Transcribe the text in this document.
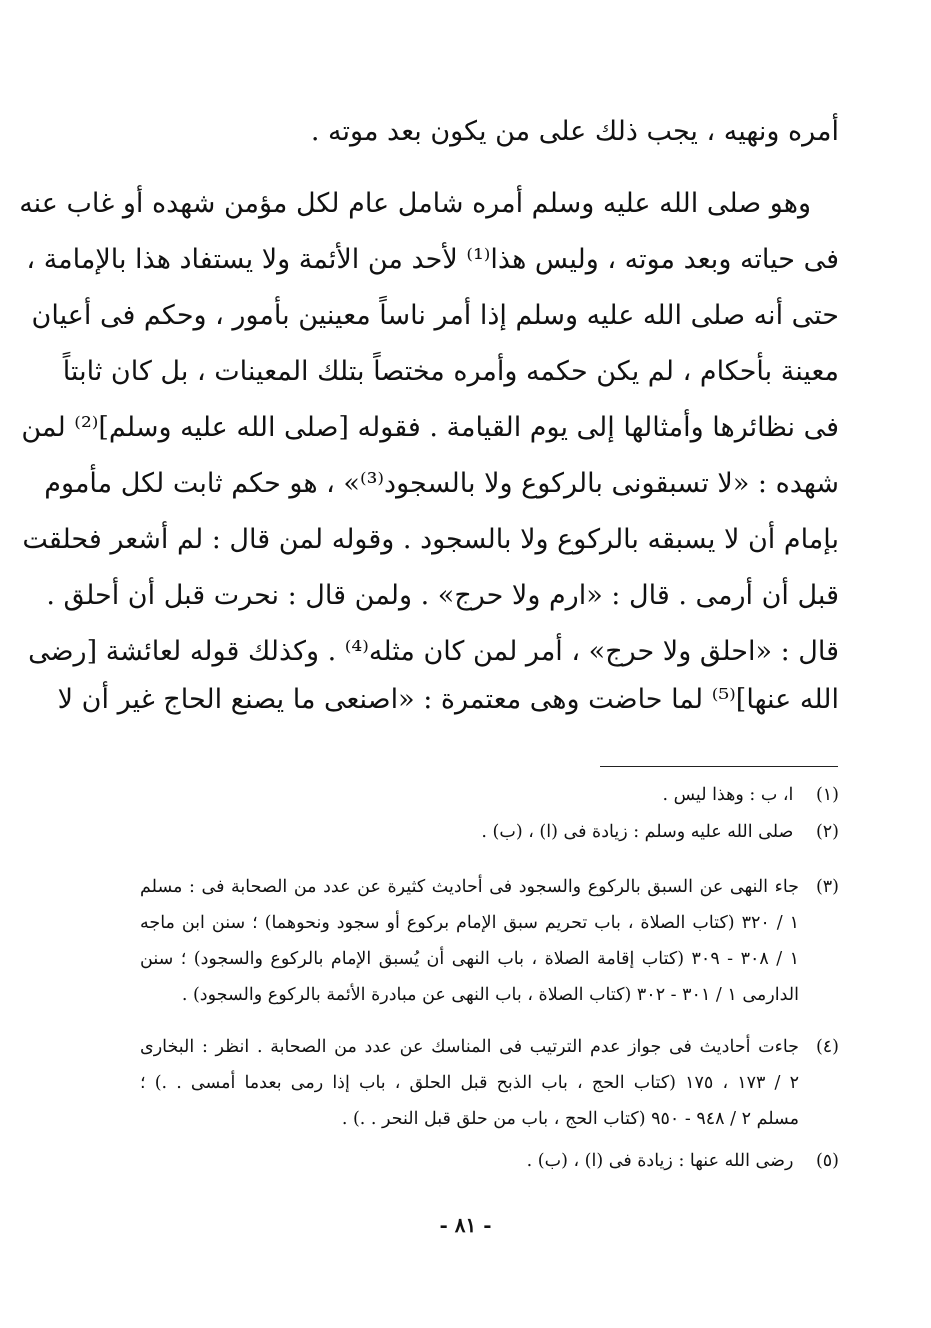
أمره ونهيه ، يجب ذلك على من يكون بعد موته .
وهو صلى الله عليه وسلم أمره شامل عام لكل مؤمن شهده أو غاب عنه
فى حياته وبعد موته ، وليس هذا⁽¹⁾ لأحد من الأئمة ولا يستفاد هذا بالإمامة ،
حتى أنه صلى الله عليه وسلم إذا أمر ناساً معينين بأمور ، وحكم فى أعيان
معينة بأحكام ، لم يكن حكمه وأمره مختصاً بتلك المعينات ، بل كان ثابتاً
فى نظائرها وأمثالها إلى يوم القيامة . فقوله [صلى الله عليه وسلم]⁽²⁾ لمن
شهده : «لا تسبقونى بالركوع ولا بالسجود⁽³⁾» ، هو حكم ثابت لكل مأموم
بإمام أن لا يسبقه بالركوع ولا بالسجود . وقوله لمن قال : لم أشعر فحلقت
قبل أن أرمى . قال : «ارم ولا حرج» . ولمن قال : نحرت قبل أن أحلق .
قال : «احلق ولا حرج» ، أمر لمن كان مثله⁽⁴⁾ . وكذلك قوله لعائشة [رضى
الله عنها]⁽⁵⁾ لما حاضت وهى معتمرة : «اصنعى ما يصنع الحاج غير أن لا
(١) ا، ب : وهذا ليس .
(٢) صلى الله عليه وسلم : زيادة فى (ا) ، (ب) .
(٣)
جاء النهى عن السبق بالركوع والسجود فى أحاديث كثيرة عن عدد من الصحابة فى : مسلم
١ / ٣٢٠ (كتاب الصلاة ، باب تحريم سبق الإمام بركوع أو سجود ونحوهما) ؛ سنن ابن ماجه
١ / ٣٠٨ - ٣٠٩ (كتاب إقامة الصلاة ، باب النهى أن يُسبق الإمام بالركوع والسجود) ؛ سنن
الدارمى ١ / ٣٠١ - ٣٠٢ (كتاب الصلاة ، باب النهى عن مبادرة الأئمة بالركوع والسجود) .
(٤)
جاءت أحاديث فى جواز عدم الترتيب فى المناسك عن عدد من الصحابة . انظر : البخارى
٢ / ١٧٣ ، ١٧٥ (كتاب الحج ، باب الذبح قبل الحلق ، باب إذا رمى بعدما أمسى . .) ؛
مسلم ٢ / ٩٤٨ - ٩٥٠ (كتاب الحج ، باب من حلق قبل النحر . .) .
(٥) رضى الله عنها : زيادة فى (ا) ، (ب) .
- ٨١ -
